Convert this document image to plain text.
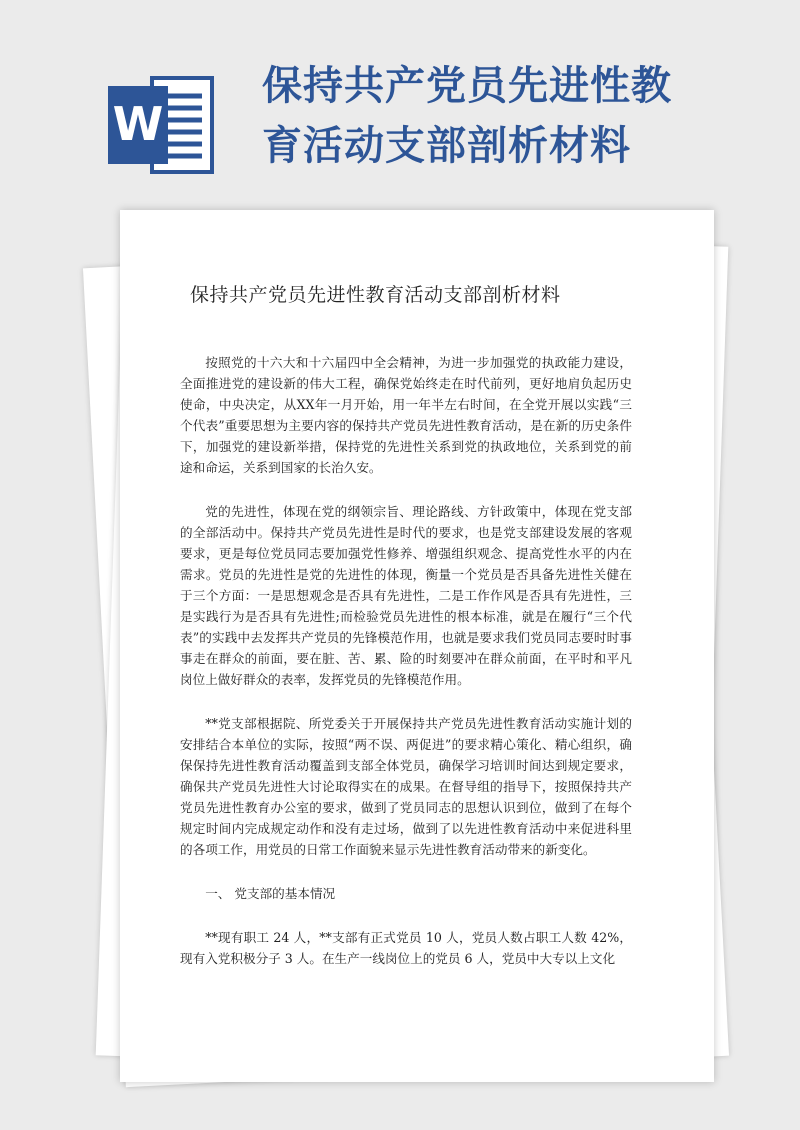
W
保持共产党员先进性教
育活动支部剖析材料
保持共产党员先进性教育活动支部剖析材料

按照党的十六大和十六届四中全会精神，为进一步加强党的执政能力建设，全面推进党的建设新的伟大工程，确保党始终走在时代前列，更好地肩负起历史使命，中央决定，从XX年一月开始，用一年半左右时间，在全党开展以实践“三个代表”重要思想为主要内容的保持共产党员先进性教育活动，是在新的历史条件下，加强党的建设新举措，保持党的先进性关系到党的执政地位，关系到党的前途和命运，关系到国家的长治久安。

党的先进性，体现在党的纲领宗旨、理论路线、方针政策中，体现在党支部的全部活动中。保持共产党员先进性是时代的要求，也是党支部建设发展的客观要求，更是每位党员同志要加强党性修养、增强组织观念、提高党性水平的内在需求。党员的先进性是党的先进性的体现，衡量一个党员是否具备先进性关健在于三个方面：一是思想观念是否具有先进性，二是工作作风是否具有先进性，三是实践行为是否具有先进性;而检验党员先进性的根本标准，就是在履行“三个代表”的实践中去发挥共产党员的先锋模范作用，也就是要求我们党员同志要时时事事走在群众的前面，要在脏、苦、累、险的时刻要冲在群众前面，在平时和平凡岗位上做好群众的表率，发挥党员的先锋模范作用。

**党支部根据院、所党委关于开展保持共产党员先进性教育活动实施计划的安排结合本单位的实际，按照“两不误、两促进”的要求精心策化、精心组织，确保保持先进性教育活动覆盖到支部全体党员，确保学习培训时间达到规定要求，确保共产党员先进性大讨论取得实在的成果。在督导组的指导下，按照保持共产党员先进性教育办公室的要求，做到了党员同志的思想认识到位，做到了在每个规定时间内完成规定动作和没有走过场，做到了以先进性教育活动中来促进科里的各项工作，用党员的日常工作面貌来显示先进性教育活动带来的新变化。

一、 党支部的基本情况

**现有职工 24 人，**支部有正式党员 10 人，党员人数占职工人数 42%，现有入党积极分子 3 人。在生产一线岗位上的党员 6 人，党员中大专以上文化
